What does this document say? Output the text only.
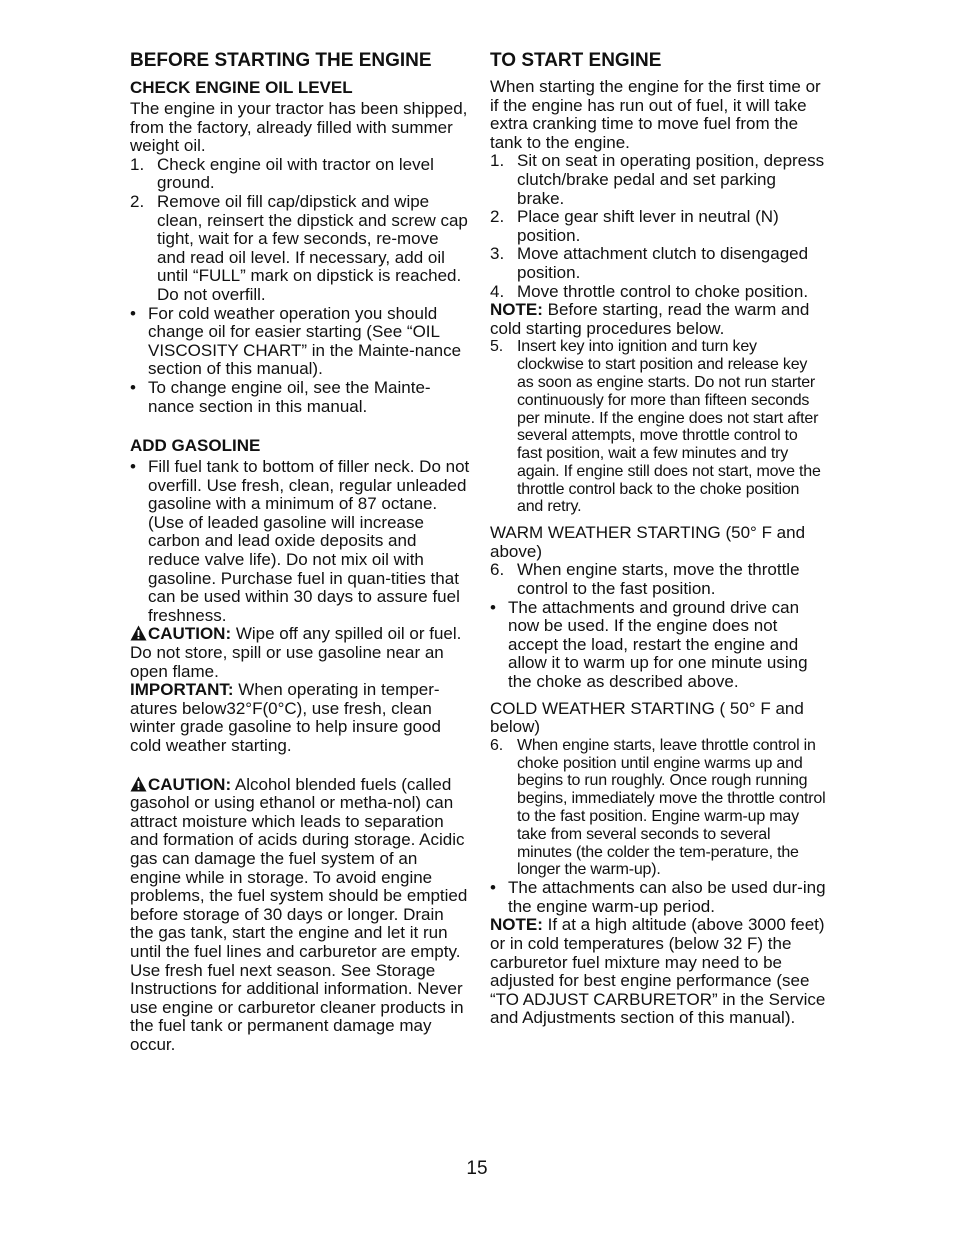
BEFORE STARTING THE ENGINE
CHECK ENGINE OIL LEVEL

The engine in your tractor has been shipped, from the factory, already filled with summer weight oil.

1. Check engine oil with tractor on level ground.
2. Remove oil fill cap/dipstick and wipe clean, reinsert the dipstick and screw cap tight, wait for a few seconds, re-move and read oil level. If necessary, add oil until “FULL” mark on dipstick is reached. Do not overfill.
• For cold weather operation you should change oil for easier starting (See “OIL VISCOSITY CHART” in the Mainte-nance section of this manual).
• To change engine oil, see the Mainte-nance section in this manual.
ADD GASOLINE
• Fill fuel tank to bottom of filler neck. Do not overfill. Use fresh, clean, regular unleaded gasoline with a minimum of 87 octane. (Use of leaded gasoline will increase carbon and lead oxide deposits and reduce valve life). Do not mix oil with gasoline. Purchase fuel in quan-tities that can be used within 30 days to assure fuel freshness.

CAUTION: Wipe off any spilled oil or fuel. Do not store, spill or use gasoline near an open flame.

IMPORTANT: When operating in temper-atures below32°F(0°C), use fresh, clean winter grade gasoline to help insure good cold weather starting.

CAUTION: Alcohol blended fuels (called gasohol or using ethanol or metha-nol) can attract moisture which leads to separation and formation of acids during storage. Acidic gas can damage the fuel system of an engine while in storage. To avoid engine problems, the fuel system should be emptied before storage of 30 days or longer. Drain the gas tank, start the engine and let it run until the fuel lines and carburetor are empty. Use fresh fuel next season. See Storage Instructions for additional information. Never use engine or carburetor cleaner products in the fuel tank or permanent damage may occur.

TO START ENGINE

When starting the engine for the first time or if the engine has run out of fuel, it will take extra cranking time to move fuel from the tank to the engine.

1. Sit on seat in operating position, depress clutch/brake pedal and set parking brake.
2. Place gear shift lever in neutral (N) position.
3. Move attachment clutch to disengaged position.
4. Move throttle control to choke position.

NOTE: Before starting, read the warm and cold starting procedures below.

5. Insert key into ignition and turn key clockwise to start position and release key as soon as engine starts. Do not run starter continuously for more than fifteen seconds per minute. If the engine does not start after several attempts, move throttle control to fast position, wait a few minutes and try again. If engine still does not start, move the throttle control back to the choke position and retry.

WARM WEATHER STARTING (50° F and above)

6. When engine starts, move the throttle control to the fast position.
• The attachments and ground drive can now be used. If the engine does not accept the load, restart the engine and allow it to warm up for one minute using the choke as described above.

COLD WEATHER STARTING ( 50° F and below)

6. When engine starts, leave throttle control in choke position until engine warms up and begins to run roughly. Once rough running begins, immediately move the throttle control to the fast position. Engine warm-up may take from several seconds to several minutes (the colder the tem-perature, the longer the warm-up).
• The attachments can also be used dur-ing the engine warm-up period.

NOTE: If at a high altitude (above 3000 feet) or in cold temperatures (below 32 F) the carburetor fuel mixture may need to be adjusted for best engine performance (see “TO ADJUST CARBURETOR” in the Service and Adjustments section of this manual).

15
